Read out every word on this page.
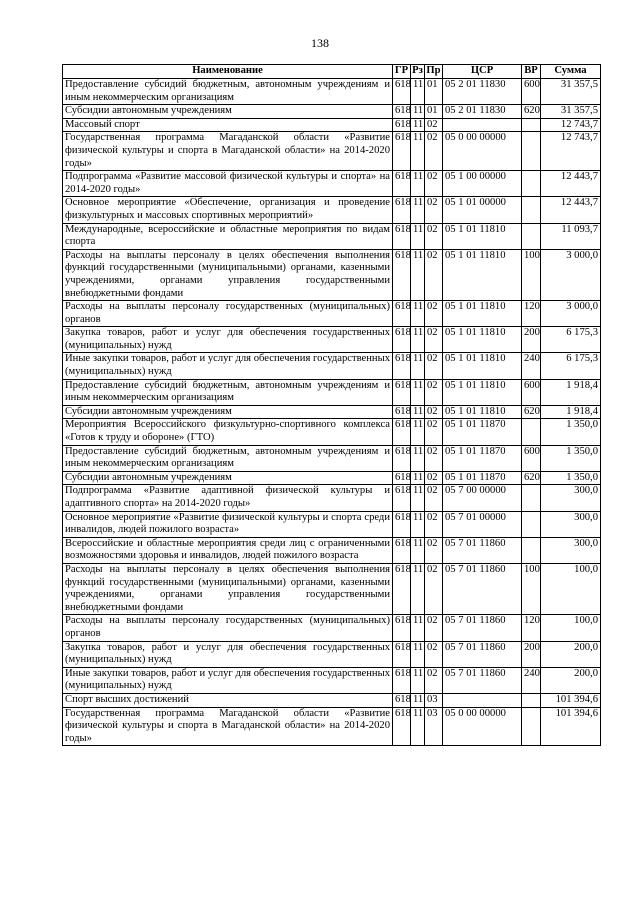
138
Наименование	ГР	Рз	Пр	ЦСР	ВР	Сумма
Предоставление субсидий бюджетным, автономным учреждениям и иным некоммерческим организациям	618	11	01	05 2 01 11830	600	31 357,5
Субсидии автономным учреждениям	618	11	01	05 2 01 11830	620	31 357,5
Массовый спорт	618	11	02			12 743,7
Государственная программа Магаданской области «Развитие физической культуры и спорта в Магаданской области» на 2014-2020 годы»	618	11	02	05 0 00 00000		12 743,7
Подпрограмма «Развитие массовой физической культуры и спорта» на 2014-2020 годы»	618	11	02	05 1 00 00000		12 443,7
Основное мероприятие «Обеспечение, организация и проведение физкультурных и массовых спортивных мероприятий»	618	11	02	05 1 01 00000		12 443,7
Международные, всероссийские и областные мероприятия по видам спорта	618	11	02	05 1 01 11810		11 093,7
Расходы на выплаты персоналу в целях обеспечения выполнения функций государственными (муниципальными) органами, казенными учреждениями, органами управления государственными внебюджетными фондами	618	11	02	05 1 01 11810	100	3 000,0
Расходы на выплаты персоналу государственных (муниципальных) органов	618	11	02	05 1 01 11810	120	3 000,0
Закупка товаров, работ и услуг для обеспечения государственных (муниципальных) нужд	618	11	02	05 1 01 11810	200	6 175,3
Иные закупки товаров, работ и услуг для обеспечения государственных (муниципальных) нужд	618	11	02	05 1 01 11810	240	6 175,3
Предоставление субсидий бюджетным, автономным учреждениям и иным некоммерческим организациям	618	11	02	05 1 01 11810	600	1 918,4
Субсидии автономным учреждениям	618	11	02	05 1 01 11810	620	1 918,4
Мероприятия Всероссийского физкультурно-спортивного комплекса «Готов к труду и обороне» (ГТО)	618	11	02	05 1 01 11870		1 350,0
Предоставление субсидий бюджетным, автономным учреждениям и иным некоммерческим организациям	618	11	02	05 1 01 11870	600	1 350,0
Субсидии автономным учреждениям	618	11	02	05 1 01 11870	620	1 350,0
Подпрограмма «Развитие адаптивной физической культуры и адаптивного спорта» на 2014-2020 годы»	618	11	02	05 7 00 00000		300,0
Основное мероприятие «Развитие физической культуры и спорта среди инвалидов, людей пожилого возраста»	618	11	02	05 7 01 00000		300,0
Всероссийские и областные мероприятия среди лиц с ограниченными возможностями здоровья и инвалидов, людей пожилого возраста	618	11	02	05 7 01 11860		300,0
Расходы на выплаты персоналу в целях обеспечения выполнения функций государственными (муниципальными) органами, казенными учреждениями, органами управления государственными внебюджетными фондами	618	11	02	05 7 01 11860	100	100,0
Расходы на выплаты персоналу государственных (муниципальных) органов	618	11	02	05 7 01 11860	120	100,0
Закупка товаров, работ и услуг для обеспечения государственных (муниципальных) нужд	618	11	02	05 7 01 11860	200	200,0
Иные закупки товаров, работ и услуг для обеспечения государственных (муниципальных) нужд	618	11	02	05 7 01 11860	240	200,0
Спорт высших достижений	618	11	03			101 394,6
Государственная программа Магаданской области «Развитие физической культуры и спорта в Магаданской области» на 2014-2020 годы»	618	11	03	05 0 00 00000		101 394,6
